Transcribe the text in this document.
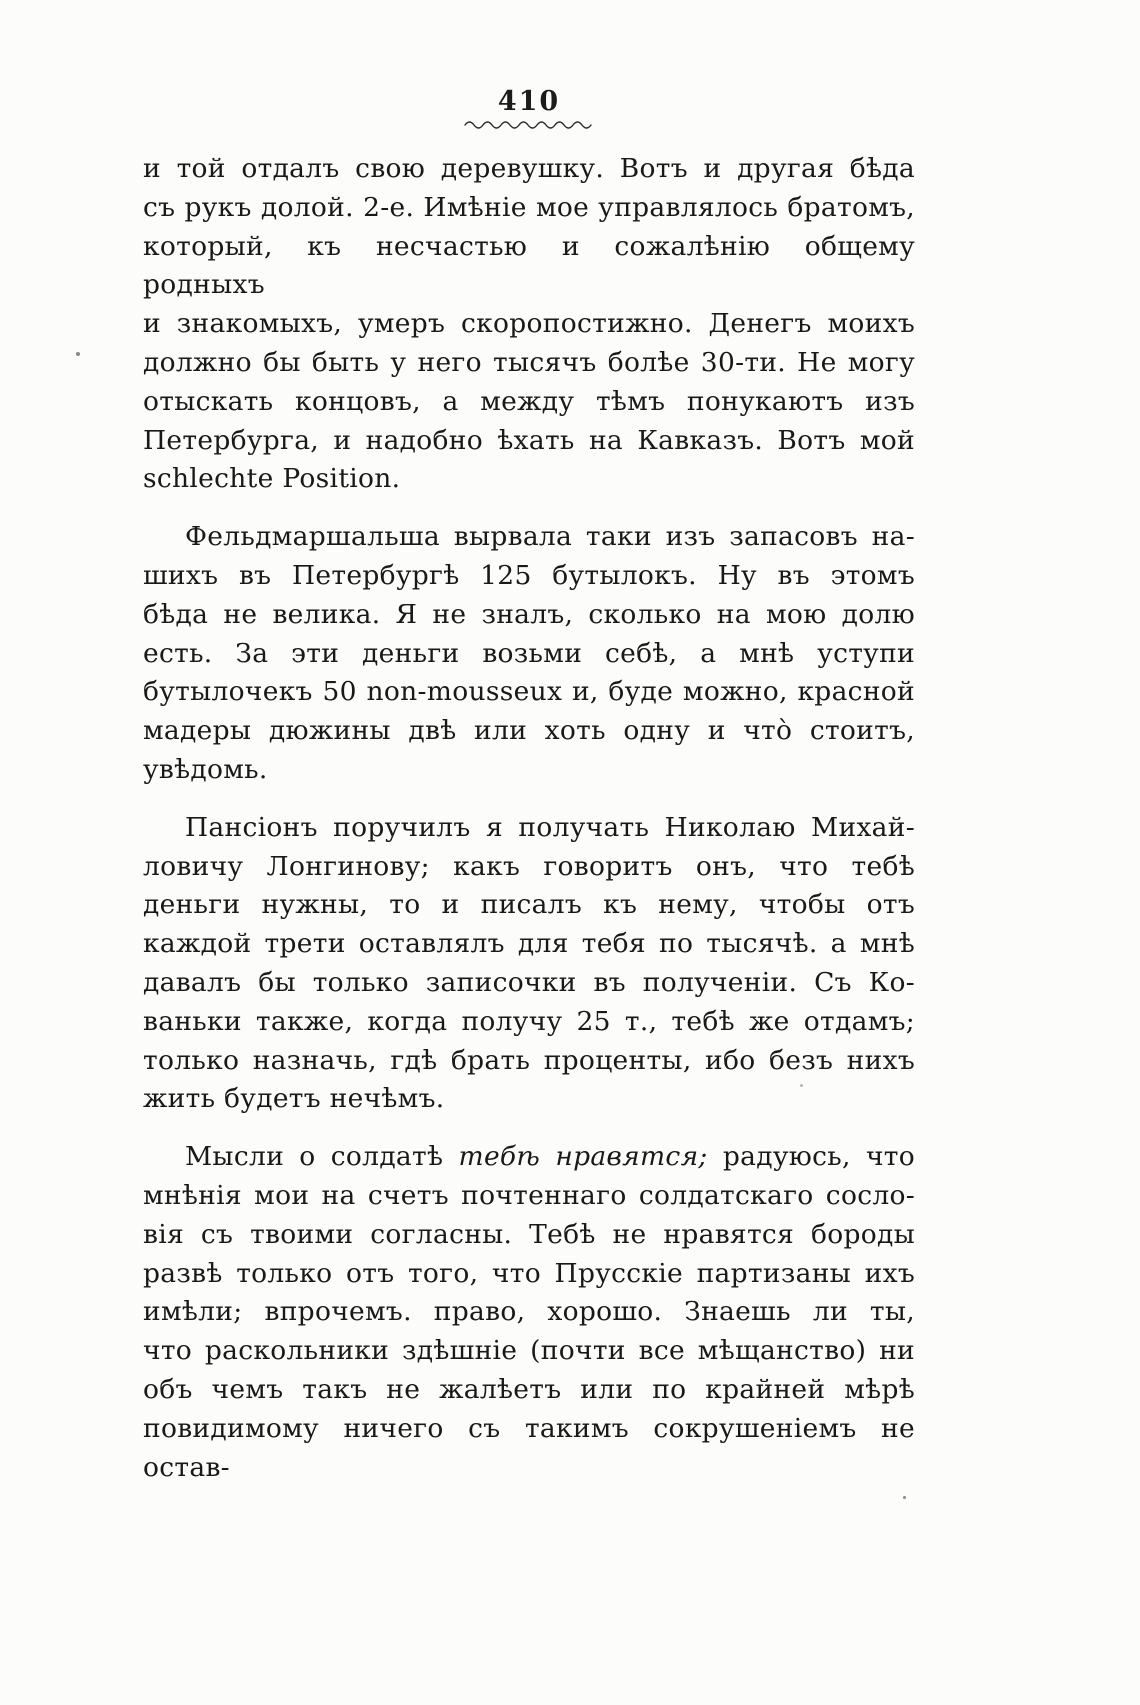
410
и той отдалъ свою деревушку. Вотъ и другая бѣда
съ рукъ долой. 2-е. Имѣніе мое управлялось братомъ,
который, къ несчастью и сожалѣнію общему родныхъ
и знакомыхъ, умеръ скоропостижно. Денегъ моихъ
должно бы быть у него тысячъ болѣе 30-ти. Не могу
отыскать концовъ, а между тѣмъ понукаютъ изъ
Петербурга, и надобно ѣхать на Кавказъ. Вотъ мой
schlechte Position.
Фельдмаршальша вырвала таки изъ запасовъ на-
шихъ въ Петербургѣ 125 бутылокъ. Ну въ этомъ
бѣда не велика. Я не зналъ, сколько на мою долю
есть. За эти деньги возьми себѣ, а мнѣ уступи
бутылочекъ 50 non-mousseux и, буде можно, красной
мадеры дюжины двѣ или хоть одну и чтò стоитъ,
увѣдомь.
Пансіонъ поручилъ я получать Николаю Михай-
ловичу Лонгинову; какъ говоритъ онъ, что тебѣ
деньги нужны, то и писалъ къ нему, чтобы отъ
каждой трети оставлялъ для тебя по тысячѣ. а мнѣ
давалъ бы только записочки въ полученіи. Съ Ко-
ваньки также, когда получу 25 т., тебѣ же отдамъ;
только назначь, гдѣ брать проценты, ибо безъ нихъ
жить будетъ нечѣмъ.
Мысли о солдатѣ тебѣ нравятся; радуюсь, что
мнѣнія мои на счетъ почтеннаго солдатскаго сосло-
вія съ твоими согласны. Тебѣ не нравятся бороды
развѣ только отъ того, что Прусскіе партизаны ихъ
имѣли; впрочемъ. право, хорошо. Знаешь ли ты,
что раскольники здѣшніе (почти все мѣщанство) ни
объ чемъ такъ не жалѣетъ или по крайней мѣрѣ
повидимому ничего съ такимъ сокрушеніемъ не остав-
